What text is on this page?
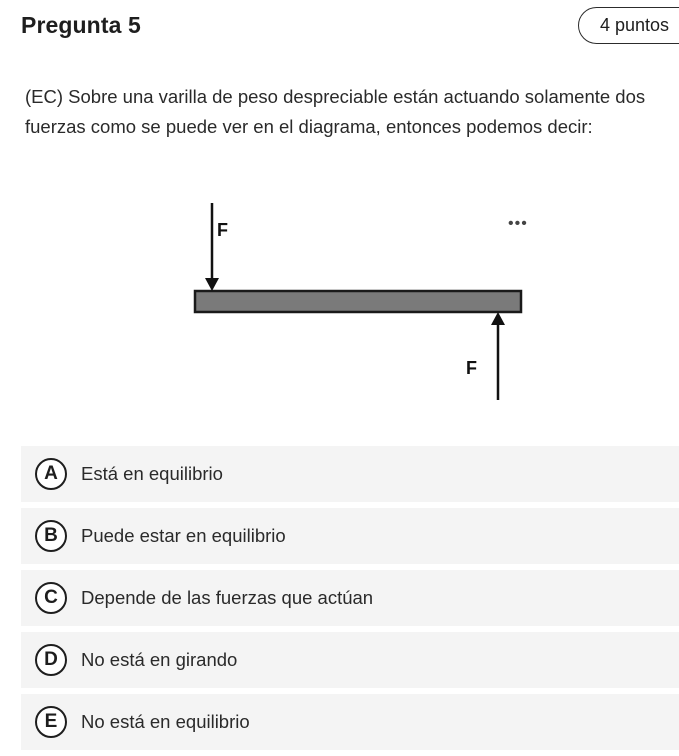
Pregunta 5	4 puntos
(EC) Sobre una varilla de peso despreciable están actuando solamente dos fuerzas como se puede ver en el diagrama, entonces podemos decir:
F
F
•••
A	Está en equilibrio
B	Puede estar en equilibrio
C	Depende de las fuerzas que actúan
D	No está en girando
E	No está en equilibrio
